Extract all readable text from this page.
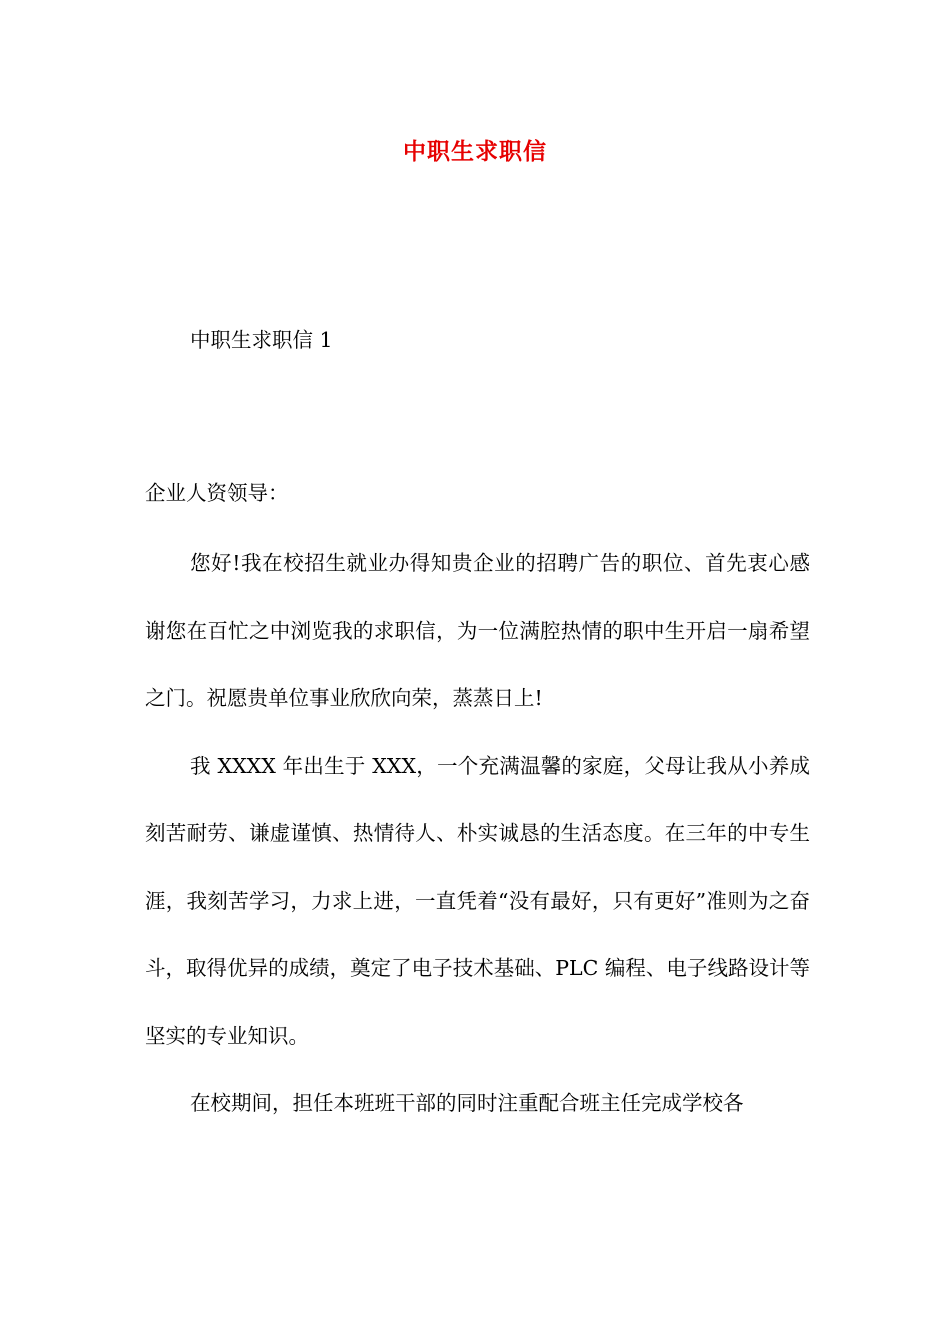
中职生求职信
中职生求职信 1
企业人资领导：

您好!我在校招生就业办得知贵企业的招聘广告的职位、首先衷心感谢您在百忙之中浏览我的求职信，为一位满腔热情的职中生开启一扇希望之门。祝愿贵单位事业欣欣向荣，蒸蒸日上!

我 XXXX 年出生于 XXX，一个充满温馨的家庭，父母让我从小养成刻苦耐劳、谦虚谨慎、热情待人、朴实诚恳的生活态度。在三年的中专生涯，我刻苦学习，力求上进，一直凭着“没有最好，只有更好”准则为之奋斗，取得优异的成绩，奠定了电子技术基础、PLC 编程、电子线路设计等坚实的专业知识。

在校期间，担任本班班干部的同时注重配合班主任完成学校各
